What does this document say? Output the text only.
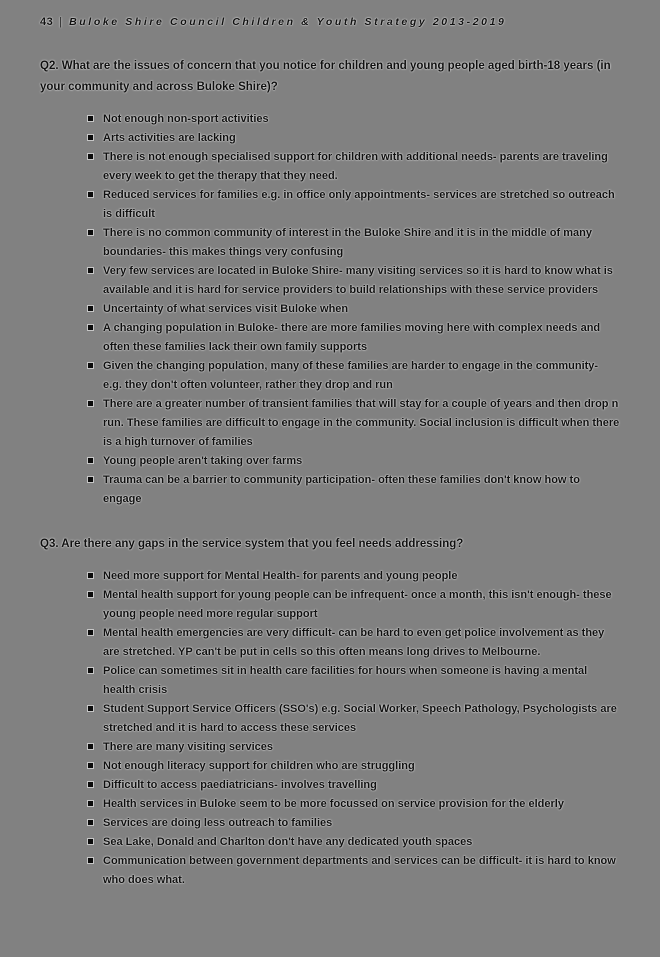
43 | Buloke Shire Council Children & Youth Strategy 2013-2019
Q2. What are the issues of concern that you notice for children and young people aged birth-18 years (in your community and across Buloke Shire)?
Not enough non-sport activities
Arts activities are lacking
There is not enough specialised support for children with additional needs- parents are traveling every week to get the therapy that they need.
Reduced services for families e.g. in office only appointments- services are stretched so outreach is difficult
There is no common community of interest in the Buloke Shire and it is in the middle of many boundaries- this makes things very confusing
Very few services are located in Buloke Shire- many visiting services so it is hard to know what is available and it is hard for service providers to build relationships with these service providers
Uncertainty of what services visit Buloke when
A changing population in Buloke- there are more families moving here with complex needs and often these families lack their own family supports
Given the changing population, many of these families are harder to engage in the community- e.g. they don't often volunteer, rather they drop and run
There are a greater number of transient families that will stay for a couple of years and then drop n run. These families are difficult to engage in the community. Social inclusion is difficult when there is a high turnover of families
Young people aren't taking over farms
Trauma can be a barrier to community participation- often these families don't know how to engage
Q3. Are there any gaps in the service system that you feel needs addressing?
Need more support for Mental Health- for parents and young people
Mental health support for young people can be infrequent- once a month, this isn't enough- these young people need more regular support
Mental health emergencies are very difficult- can be hard to even get police involvement as they are stretched. YP can't be put in cells so this often means long drives to Melbourne.
Police can sometimes sit in health care facilities for hours when someone is having a mental health crisis
Student Support Service Officers (SSO's) e.g. Social Worker, Speech Pathology, Psychologists are stretched and it is hard to access these services
There are many visiting services
Not enough literacy support for children who are struggling
Difficult to access paediatricians- involves travelling
Health services in Buloke seem to be more focussed on service provision for the elderly
Services are doing less outreach to families
Sea Lake, Donald and Charlton don't have any dedicated youth spaces
Communication between government departments and services can be difficult- it is hard to know who does what.
